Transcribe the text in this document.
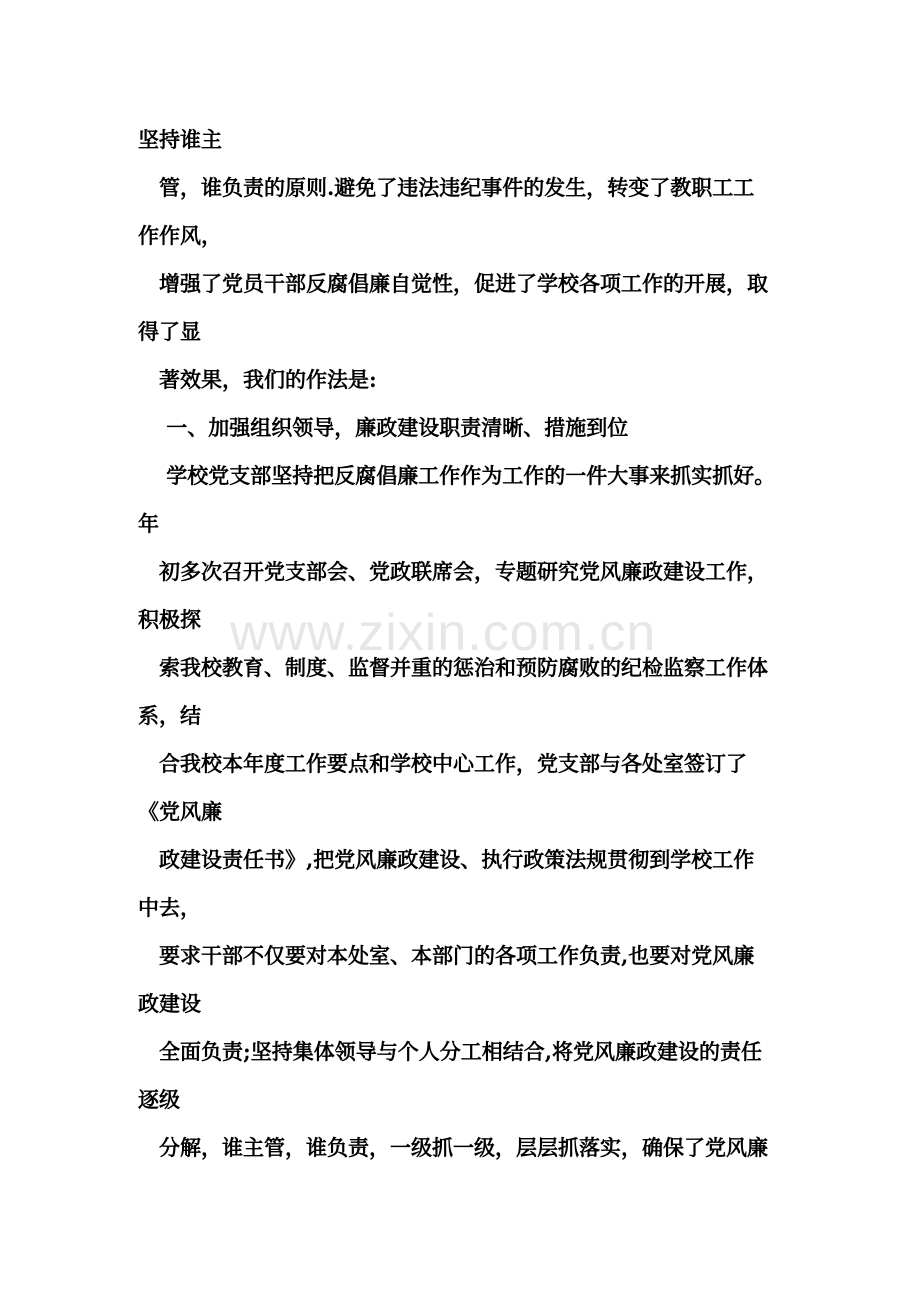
www.zixin.com.cn
坚持谁主
　管，谁负责的原则.避免了违法违纪事件的发生，转变了教职工工
作作风，
　增强了党员干部反腐倡廉自觉性，促进了学校各项工作的开展，取
得了显
　著效果，我们的作法是:
　 一、加强组织领导，廉政建设职责清晰、措施到位
　 学校党支部坚持把反腐倡廉工作作为工作的一件大事来抓实抓好。
年
　初多次召开党支部会、党政联席会，专题研究党风廉政建设工作，
积极探
　索我校教育、制度、监督并重的惩治和预防腐败的纪检监察工作体
系，结
　合我校本年度工作要点和学校中心工作，党支部与各处室签订了
《党风廉
　政建设责任书》,把党风廉政建设、执行政策法规贯彻到学校工作
中去，
　要求干部不仅要对本处室、本部门的各项工作负责,也要对党风廉
政建设
　全面负责;坚持集体领导与个人分工相结合,将党风廉政建设的责任
逐级
　分解，谁主管，谁负责，一级抓一级，层层抓落实，确保了党风廉
